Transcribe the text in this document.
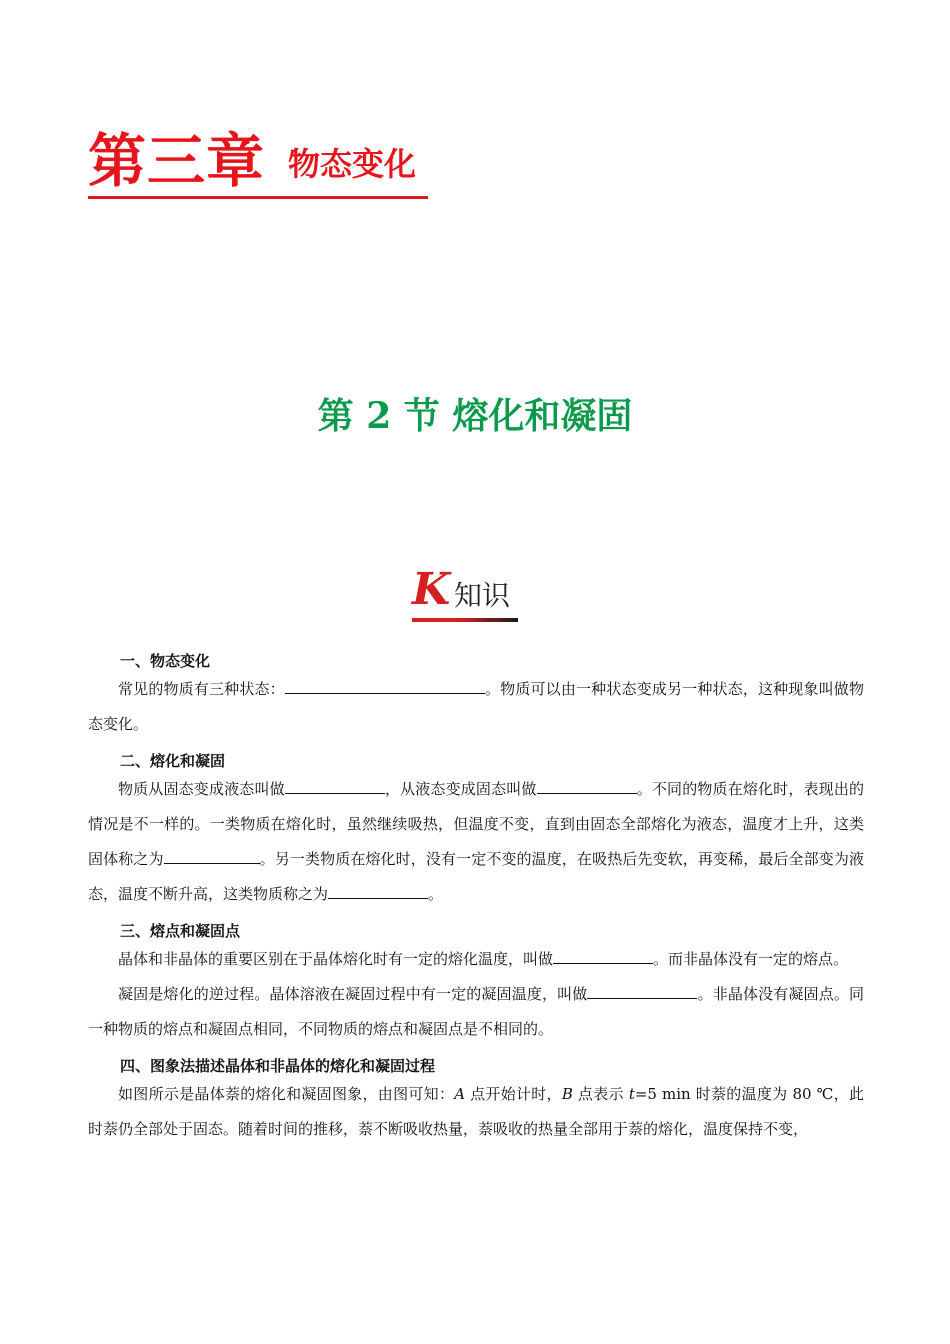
第三章 物态变化
第 2 节 熔化和凝固
K 知识

一、物态变化

常见的物质有三种状态：	。物质可以由一种状态变成另一种状态，这种现象叫做物态变化。

二、熔化和凝固

物质从固态变成液态叫做	，从液态变成固态叫做	。不同的物质在熔化时，表现出的情况是不一样的。一类物质在熔化时，虽然继续吸热，但温度不变，直到由固态全部熔化为液态，温度才上升，这类固体称之为	。另一类物质在熔化时，没有一定不变的温度，在吸热后先变软，再变稀，最后全部变为液态，温度不断升高，这类物质称之为	。

三、熔点和凝固点

晶体和非晶体的重要区别在于晶体熔化时有一定的熔化温度，叫做	。而非晶体没有一定的熔点。

凝固是熔化的逆过程。晶体溶液在凝固过程中有一定的凝固温度，叫做	。非晶体没有凝固点。同一种物质的熔点和凝固点相同，不同物质的熔点和凝固点是不相同的。

四、图象法描述晶体和非晶体的熔化和凝固过程

如图所示是晶体萘的熔化和凝固图象，由图可知：A 点开始计时，B 点表示 t=5 min 时萘的温度为 80 ℃，此时萘仍全部处于固态。随着时间的推移，萘不断吸收热量，萘吸收的热量全部用于萘的熔化，温度保持不变，
